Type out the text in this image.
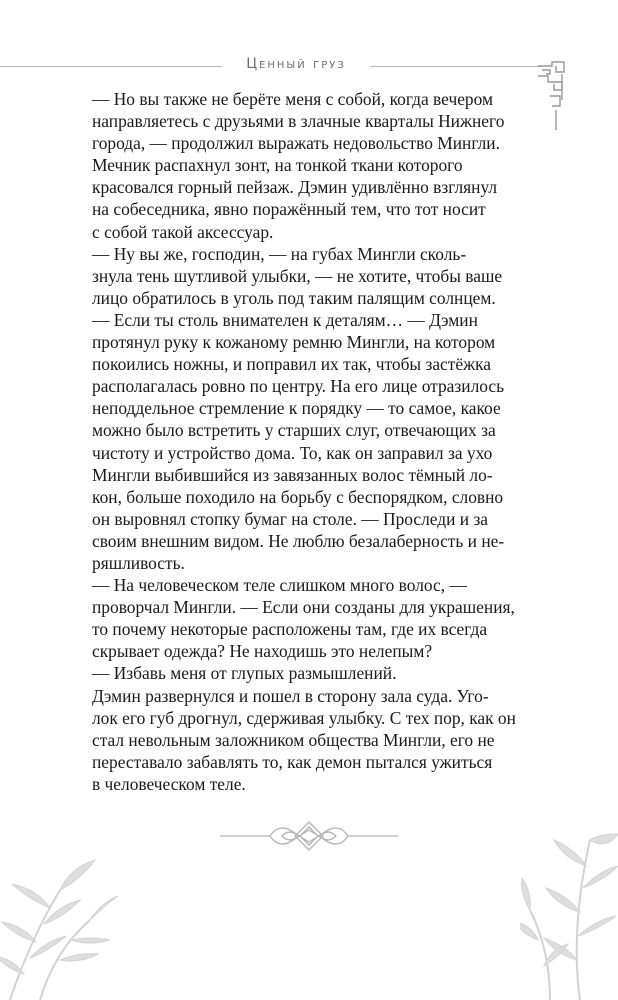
Ценный груз

— Но вы также не берёте меня с собой, когда вечером

направляетесь с друзьями в злачные кварталы Нижнего

города, — продолжил выражать недовольство Мингли.

Мечник распахнул зонт, на тонкой ткани которого

красовался горный пейзаж. Дэмин удивлённо взглянул

на собеседника, явно поражённый тем, что тот носит

с собой такой аксессуар.

— Ну вы же, господин, — на губах Мингли сколь-

знула тень шутливой улыбки, — не хотите, чтобы ваше

лицо обратилось в уголь под таким палящим солнцем.

— Если ты столь внимателен к деталям… — Дэмин

протянул руку к кожаному ремню Мингли, на котором

покоились ножны, и поправил их так, чтобы застёжка

располагалась ровно по центру. На его лице отразилось

неподдельное стремление к порядку — то самое, какое

можно было встретить у старших слуг, отвечающих за

чистоту и устройство дома. То, как он заправил за ухо

Мингли выбившийся из завязанных волос тёмный ло-

кон, больше походило на борьбу с беспорядком, словно

он выровнял стопку бумаг на столе. — Проследи и за

своим внешним видом. Не люблю безалаберность и не-

ряшливость.

— На человеческом теле слишком много волос, —

проворчал Мингли. — Если они созданы для украшения,

то почему некоторые расположены там, где их всегда

скрывает одежда? Не находишь это нелепым?

— Избавь меня от глупых размышлений.

Дэмин развернулся и пошел в сторону зала суда. Уго-

лок его губ дрогнул, сдерживая улыбку. С тех пор, как он

стал невольным заложником общества Мингли, его не

переставало забавлять то, как демон пытался ужиться

в человеческом теле.
